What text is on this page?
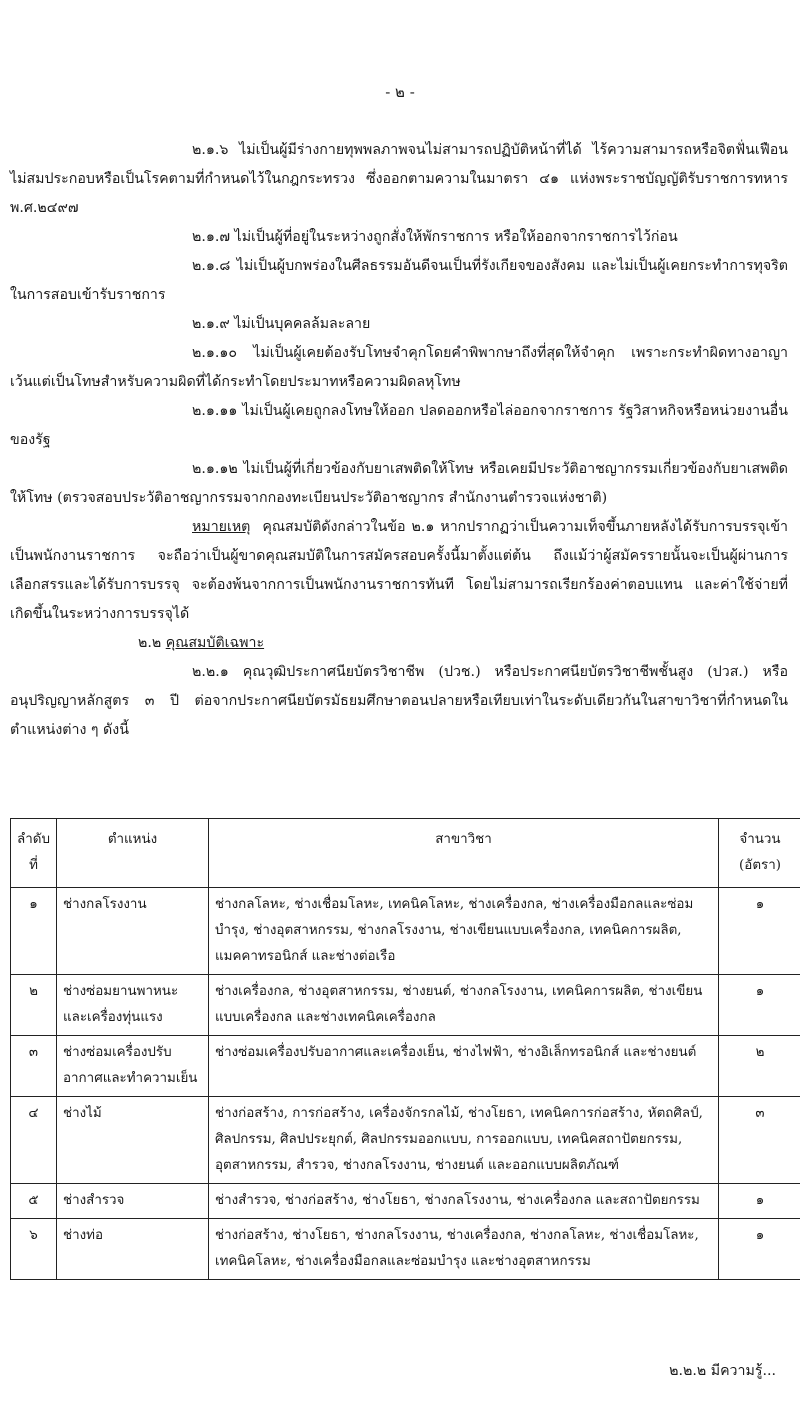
- ๒ -

๒.๑.๖ ไม่เป็นผู้มีร่างกายทุพพลภาพจนไม่สามารถปฏิบัติหน้าที่ได้ ไร้ความสามารถหรือจิตฟั่นเฟือน ไม่สมประกอบหรือเป็นโรคตามที่กำหนดไว้ในกฎกระทรวง ซึ่งออกตามความในมาตรา ๔๑ แห่งพระราชบัญญัติรับราชการทหาร พ.ศ.๒๔๙๗

๒.๑.๗ ไม่เป็นผู้ที่อยู่ในระหว่างถูกสั่งให้พักราชการ หรือให้ออกจากราชการไว้ก่อน

๒.๑.๘ ไม่เป็นผู้บกพร่องในศีลธรรมอันดีจนเป็นที่รังเกียจของสังคม และไม่เป็นผู้เคยกระทำการทุจริตในการสอบเข้ารับราชการ

๒.๑.๙ ไม่เป็นบุคคลล้มละลาย

๒.๑.๑๐ ไม่เป็นผู้เคยต้องรับโทษจำคุกโดยคำพิพากษาถึงที่สุดให้จำคุก เพราะกระทำผิดทางอาญา เว้นแต่เป็นโทษสำหรับความผิดที่ได้กระทำโดยประมาทหรือความผิดลหุโทษ

๒.๑.๑๑ ไม่เป็นผู้เคยถูกลงโทษให้ออก ปลดออกหรือไล่ออกจากราชการ รัฐวิสาหกิจหรือหน่วยงานอื่นของรัฐ

๒.๑.๑๒ ไม่เป็นผู้ที่เกี่ยวข้องกับยาเสพติดให้โทษ หรือเคยมีประวัติอาชญากรรมเกี่ยวข้องกับยาเสพติดให้โทษ (ตรวจสอบประวัติอาชญากรรมจากกองทะเบียนประวัติอาชญากร สำนักงานตำรวจแห่งชาติ)

หมายเหตุ คุณสมบัติดังกล่าวในข้อ ๒.๑ หากปรากฏว่าเป็นความเท็จขึ้นภายหลังได้รับการบรรจุเข้าเป็นพนักงานราชการ จะถือว่าเป็นผู้ขาดคุณสมบัติในการสมัครสอบครั้งนี้มาตั้งแต่ต้น ถึงแม้ว่าผู้สมัครรายนั้นจะเป็นผู้ผ่านการเลือกสรรและได้รับการบรรจุ จะต้องพ้นจากการเป็นพนักงานราชการทันที โดยไม่สามารถเรียกร้องค่าตอบแทน และค่าใช้จ่ายที่เกิดขึ้นในระหว่างการบรรจุได้

๒.๒ คุณสมบัติเฉพาะ

๒.๒.๑ คุณวุฒิประกาศนียบัตรวิชาชีพ (ปวช.) หรือประกาศนียบัตรวิชาชีพชั้นสูง (ปวส.) หรืออนุปริญญาหลักสูตร ๓ ปี ต่อจากประกาศนียบัตรมัธยมศึกษาตอนปลายหรือเทียบเท่าในระดับเดียวกันในสาขาวิชาที่กำหนดในตำแหน่งต่าง ๆ ดังนี้

ลำดับที่	ตำแหน่ง	สาขาวิชา	จำนวน (อัตรา)
๑	ช่างกลโรงงาน	ช่างกลโลหะ, ช่างเชื่อมโลหะ, เทคนิคโลหะ, ช่างเครื่องกล, ช่างเครื่องมือกลและซ่อมบำรุง, ช่างอุตสาหกรรม, ช่างกลโรงงาน, ช่างเขียนแบบเครื่องกล, เทคนิคการผลิต, แมคคาทรอนิกส์ และช่างต่อเรือ	๑
๒	ช่างซ่อมยานพาหนะและเครื่องทุ่นแรง	ช่างเครื่องกล, ช่างอุตสาหกรรม, ช่างยนต์, ช่างกลโรงงาน, เทคนิคการผลิต, ช่างเขียนแบบเครื่องกล และช่างเทคนิคเครื่องกล	๑
๓	ช่างซ่อมเครื่องปรับอากาศและทำความเย็น	ช่างซ่อมเครื่องปรับอากาศและเครื่องเย็น, ช่างไฟฟ้า, ช่างอิเล็กทรอนิกส์ และช่างยนต์	๒
๔	ช่างไม้	ช่างก่อสร้าง, การก่อสร้าง, เครื่องจักรกลไม้, ช่างโยธา, เทคนิคการก่อสร้าง, หัตถศิลป์, ศิลปกรรม, ศิลปประยุกต์, ศิลปกรรมออกแบบ, การออกแบบ, เทคนิคสถาปัตยกรรม, อุตสาหกรรม, สำรวจ, ช่างกลโรงงาน, ช่างยนต์ และออกแบบผลิตภัณฑ์	๓
๕	ช่างสำรวจ	ช่างสำรวจ, ช่างก่อสร้าง, ช่างโยธา, ช่างกลโรงงาน, ช่างเครื่องกล และสถาปัตยกรรม	๑
๖	ช่างท่อ	ช่างก่อสร้าง, ช่างโยธา, ช่างกลโรงงาน, ช่างเครื่องกล, ช่างกลโลหะ, ช่างเชื่อมโลหะ, เทคนิคโลหะ, ช่างเครื่องมือกลและซ่อมบำรุง และช่างอุตสาหกรรม	๑
๒.๒.๒ มีความรู้...
